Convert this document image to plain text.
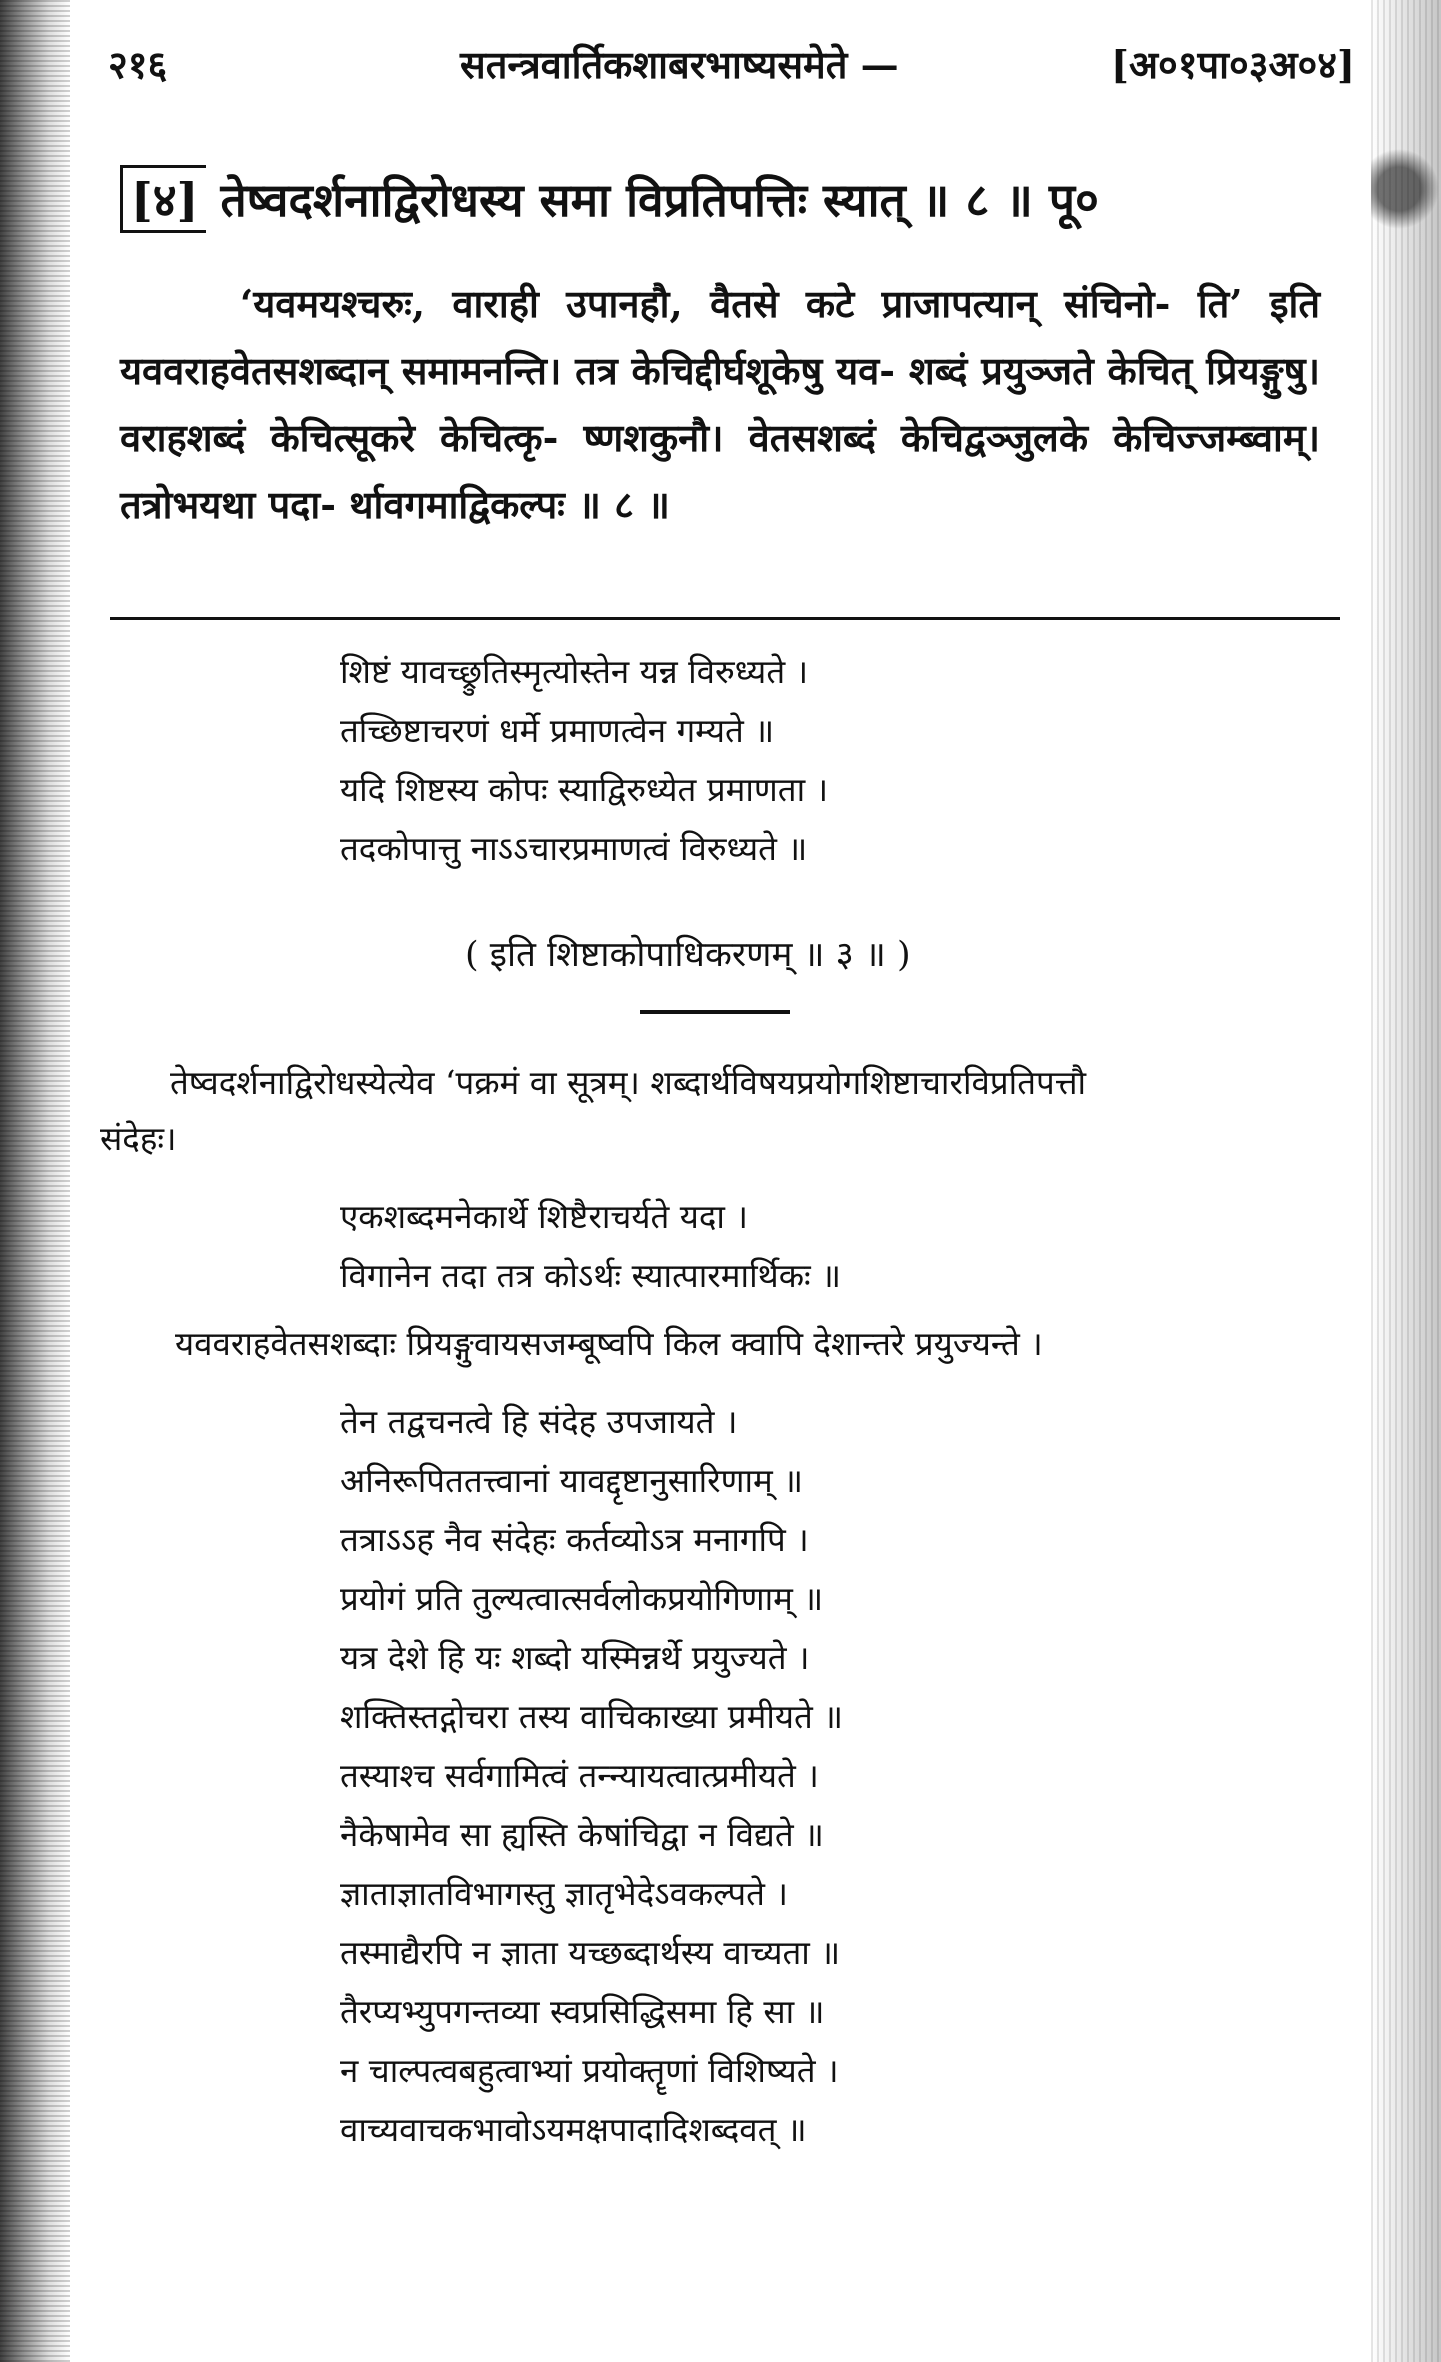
२१६	सतन्त्रवार्तिकशाबरभाष्यसमेते —	[अ०१पा०३अ०४]
[४] तेष्वदर्शनाद्विरोधस्य समा विप्रतिपत्तिः स्यात् ॥ ८ ॥ पू०
‘यवमयश्चरुः, वाराही उपानहौ, वैतसे कटे प्राजापत्यान् संचिनो- ति’ इति यववराहवेतसशब्दान् समामनन्ति। तत्र केचिद्दीर्घशूकेषु यव- शब्दं प्रयुञ्जते केचित् प्रियङ्गुषु। वराहशब्दं केचित्सूकरे केचित्कृ- ष्णशकुनौ। वेतसशब्दं केचिद्वञ्जुलके केचिज्जम्ब्वाम्। तत्रोभयथा पदा- र्थावगमाद्विकल्पः ॥ ८ ॥
शिष्टं यावच्छ्रुतिस्मृत्योस्तेन यन्न विरुध्यते ।
तच्छिष्टाचरणं धर्मे प्रमाणत्वेन गम्यते ॥
यदि शिष्टस्य कोपः स्याद्विरुध्येत प्रमाणता ।
तदकोपात्तु नाऽऽचारप्रमाणत्वं विरुध्यते ॥
( इति शिष्टाकोपाधिकरणम् ॥ ३ ॥ )
तेष्वदर्शनाद्विरोधस्येत्येव ‘पक्रमं वा सूत्रम्। शब्दार्थविषयप्रयोगशिष्टाचारविप्रतिपत्तौ
संदेहः।
एकशब्दमनेकार्थे शिष्टैराचर्यते यदा ।
विगानेन तदा तत्र कोऽर्थः स्यात्पारमार्थिकः ॥
यववराहवेतसशब्दाः प्रियङ्गुवायसजम्बूष्वपि किल क्वापि देशान्तरे प्रयुज्यन्ते ।
तेन तद्वचनत्वे हि संदेह उपजायते ।
अनिरूपिततत्त्वानां यावद्दृष्टानुसारिणाम् ॥
तत्राऽऽह नैव संदेहः कर्तव्योऽत्र मनागपि ।
प्रयोगं प्रति तुल्यत्वात्सर्वलोकप्रयोगिणाम् ॥
यत्र देशे हि यः शब्दो यस्मिन्नर्थे प्रयुज्यते ।
शक्तिस्तद्गोचरा तस्य वाचिकाख्या प्रमीयते ॥
तस्याश्च सर्वगामित्वं तन्न्यायत्वात्प्रमीयते ।
नैकेषामेव सा ह्यस्ति केषांचिद्वा न विद्यते ॥
ज्ञाताज्ञातविभागस्तु ज्ञातृभेदेऽवकल्पते ।
तस्माद्यैरपि न ज्ञाता यच्छब्दार्थस्य वाच्यता ॥
तैरप्यभ्युपगन्तव्या स्वप्रसिद्धिसमा हि सा ॥
न चाल्पत्वबहुत्वाभ्यां प्रयोक्तॄणां विशिष्यते ।
वाच्यवाचकभावोऽयमक्षपादादिशब्दवत् ॥
